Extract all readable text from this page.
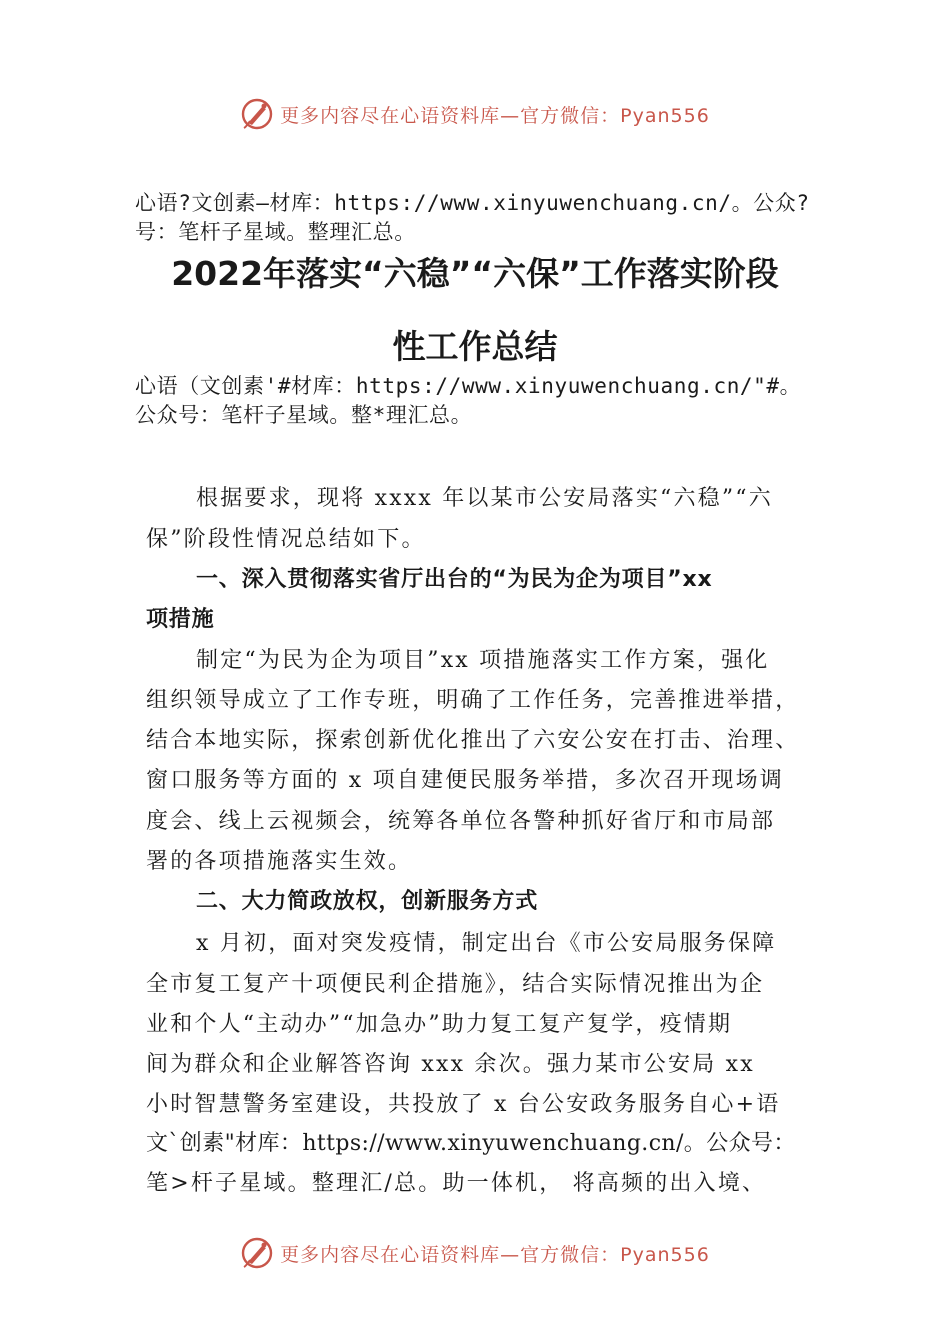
更多内容尽在心语资料库—官方微信：Pyan556
心语?文创素—材库：https://www.xinyuwenchuang.cn/。公众?
号：笔杆子星域。整理汇总。
2022年落实“六稳”“六保”工作落实阶段
性工作总结
心语（文创素'#材库：https://www.xinyuwenchuang.cn/"#。
公众号：笔杆子星域。整*理汇总。
根据要求，现将 xxxx 年以某市公安局落实“六稳”“六
保”阶段性情况总结如下。
一、深入贯彻落实省厅出台的“为民为企为项目”xx
项措施
制定“为民为企为项目”xx 项措施落实工作方案，强化
组织领导成立了工作专班，明确了工作任务，完善推进举措，
结合本地实际，探索创新优化推出了六安公安在打击、治理、
窗口服务等方面的 x 项自建便民服务举措，多次召开现场调
度会、线上云视频会，统筹各单位各警种抓好省厅和市局部
署的各项措施落实生效。
二、大力简政放权，创新服务方式
x 月初，面对突发疫情，制定出台《市公安局服务保障
全市复工复产十项便民利企措施》，结合实际情况推出为企
业和个人“主动办”“加急办”助力复工复产复学，疫情期
间为群众和企业解答咨询 xxx 余次。强力某市公安局 xx
小时智慧警务室建设，共投放了 x 台公安政务服务自心+语
文`创素"材库：https://www.xinyuwenchuang.cn/。公众号：
笔>杆子星域。整理汇/总。助一体机， 将高频的出入境、
更多内容尽在心语资料库—官方微信：Pyan556
